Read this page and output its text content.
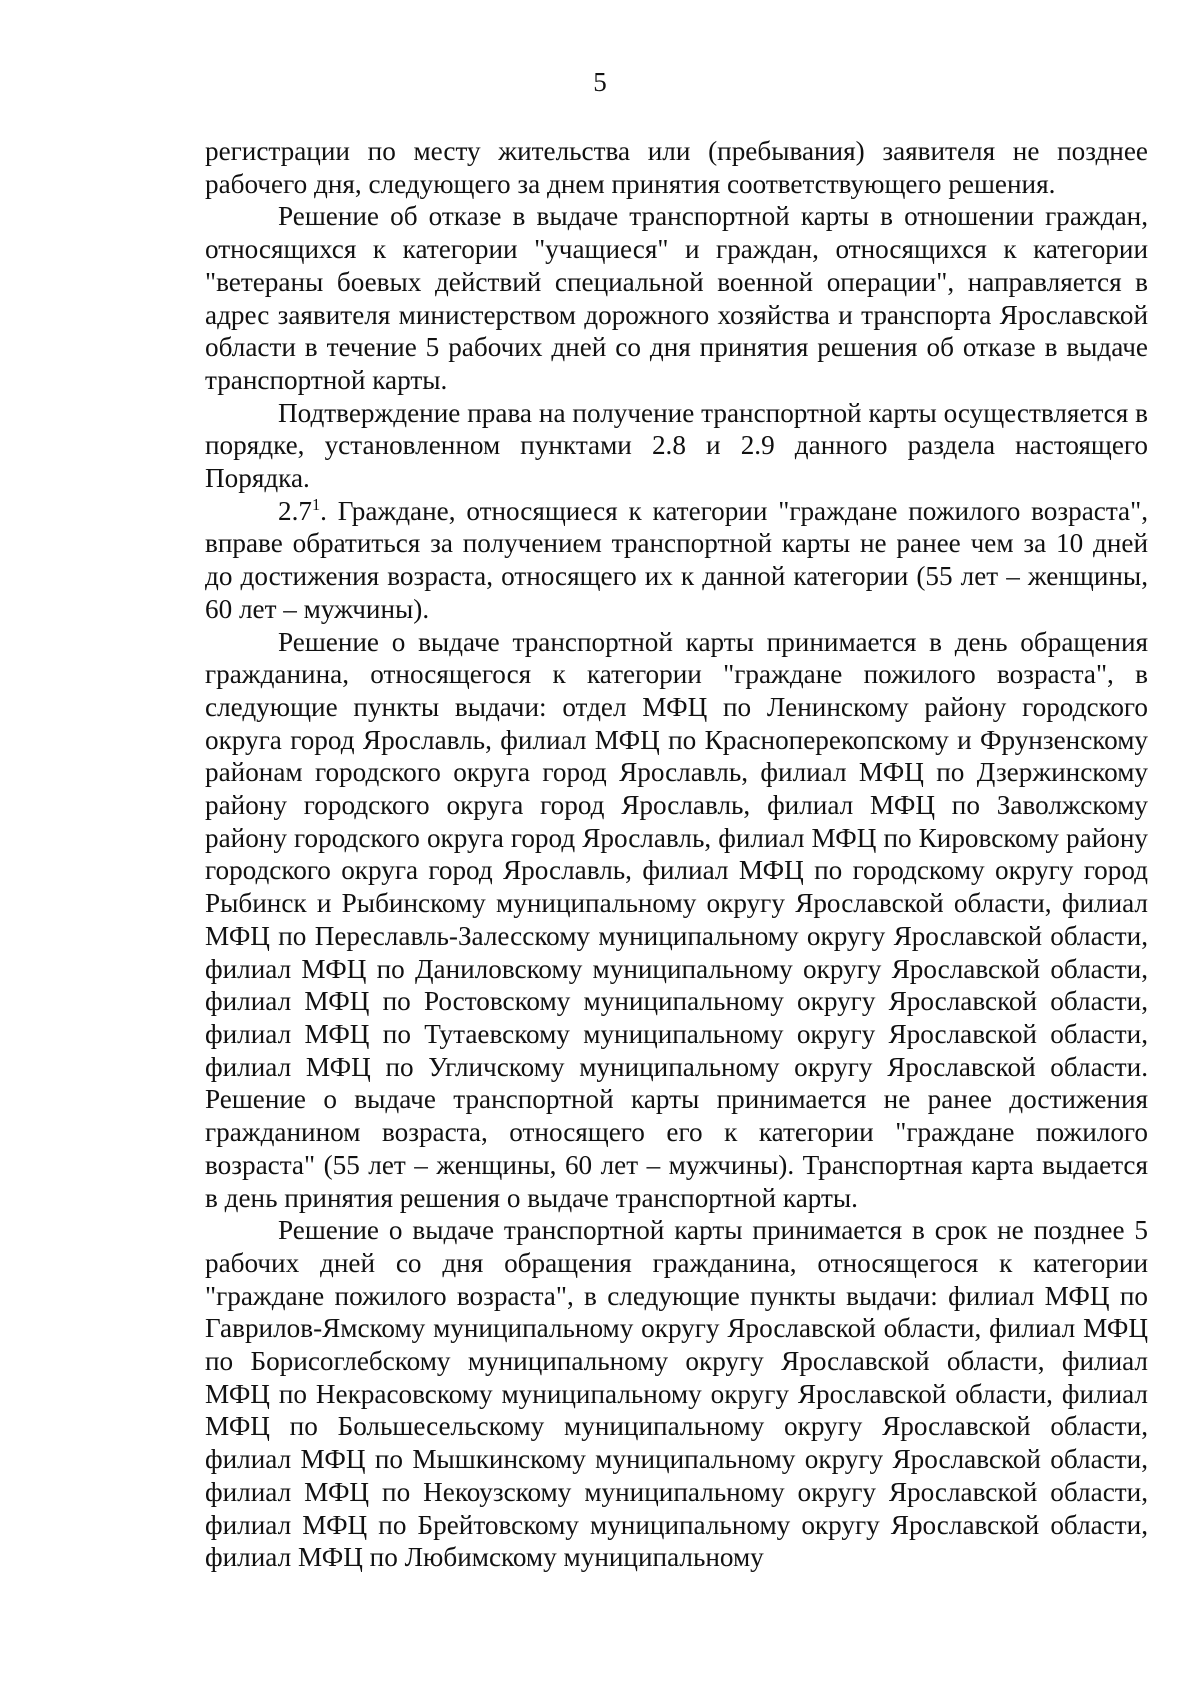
5

регистрации по месту жительства или (пребывания) заявителя не позднее рабочего дня, следующего за днем принятия соответствующего решения.

Решение об отказе в выдаче транспортной карты в отношении граждан, относящихся к категории "учащиеся" и граждан, относящихся к категории "ветераны боевых действий специальной военной операции", направляется в адрес заявителя министерством дорожного хозяйства и транспорта Ярославской области в течение 5 рабочих дней со дня принятия решения об отказе в выдаче транспортной карты.

Подтверждение права на получение транспортной карты осуществляется в порядке, установленном пунктами 2.8 и 2.9 данного раздела настоящего Порядка.

$2.7^1$. Граждане, относящиеся к категории "граждане пожилого возраста", вправе обратиться за получением транспортной карты не ранее чем за 10 дней до достижения возраста, относящего их к данной категории (55 лет – женщины, 60 лет – мужчины).

Решение о выдаче транспортной карты принимается в день обращения гражданина, относящегося к категории "граждане пожилого возраста", в следующие пункты выдачи: отдел МФЦ по Ленинскому району городского округа город Ярославль, филиал МФЦ по Красноперекопскому и Фрунзенскому районам городского округа город Ярославль, филиал МФЦ по Дзержинскому району городского округа город Ярославль, филиал МФЦ по Заволжскому району городского округа город Ярославль, филиал МФЦ по Кировскому району городского округа город Ярославль, филиал МФЦ по городскому округу город Рыбинск и Рыбинскому муниципальному округу Ярославской области, филиал МФЦ по Переславль-Залесскому муниципальному округу Ярославской области, филиал МФЦ по Даниловскому муниципальному округу Ярославской области, филиал МФЦ по Ростовскому муниципальному округу Ярославской области, филиал МФЦ по Тутаевскому муниципальному округу Ярославской области, филиал МФЦ по Угличскому муниципальному округу Ярославской области. Решение о выдаче транспортной карты принимается не ранее достижения гражданином возраста, относящего его к категории "граждане пожилого возраста" (55 лет – женщины, 60 лет – мужчины). Транспортная карта выдается в день принятия решения о выдаче транспортной карты.

Решение о выдаче транспортной карты принимается в срок не позднее 5 рабочих дней со дня обращения гражданина, относящегося к категории "граждане пожилого возраста", в следующие пункты выдачи: филиал МФЦ по Гаврилов-Ямскому муниципальному округу Ярославской области, филиал МФЦ по Борисоглебскому муниципальному округу Ярославской области, филиал МФЦ по Некрасовскому муниципальному округу Ярославской области, филиал МФЦ по Большесельскому муниципальному округу Ярославской области, филиал МФЦ по Мышкинскому муниципальному округу Ярославской области, филиал МФЦ по Некоузскому муниципальному округу Ярославской области, филиал МФЦ по Брейтовскому муниципальному округу Ярославской области, филиал МФЦ по Любимскому муниципальному
